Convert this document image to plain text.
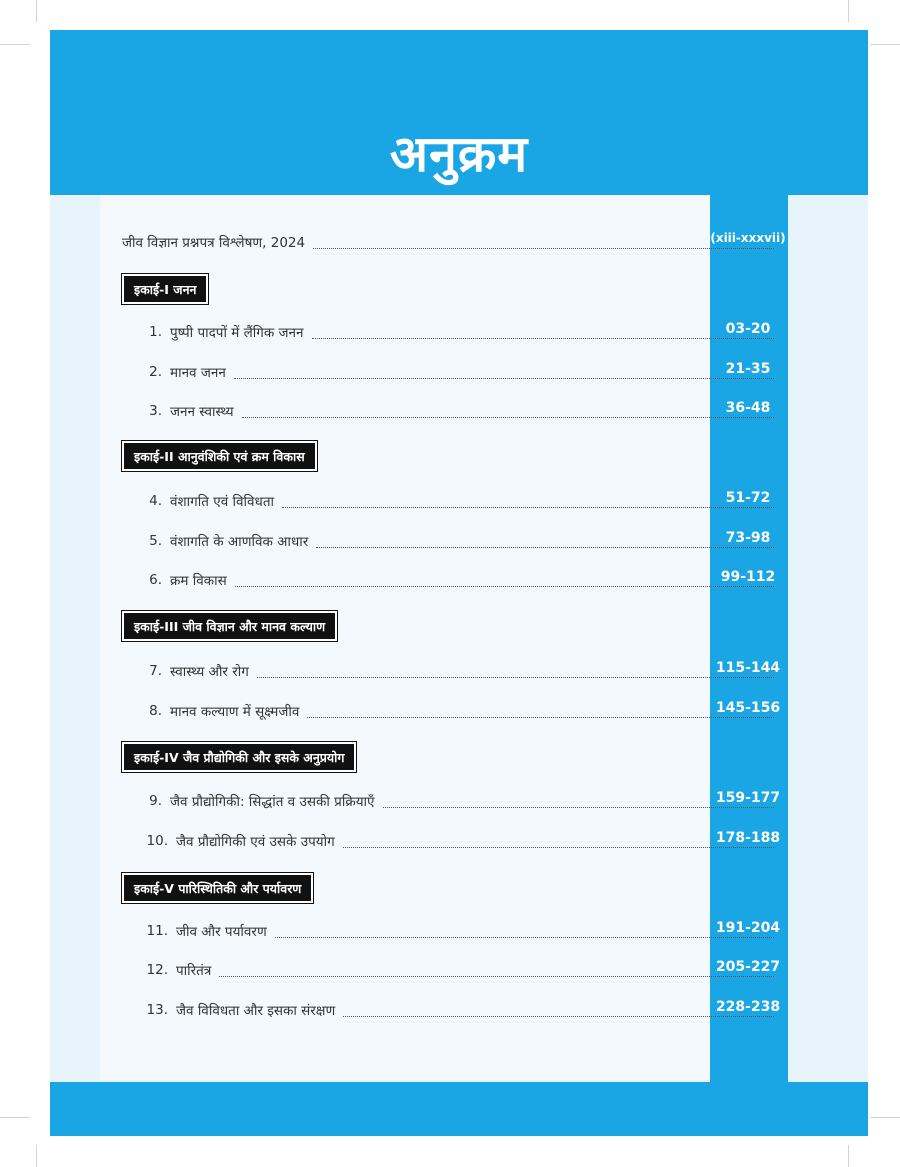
अनुक्रम
जीव विज्ञान प्रश्नपत्र विश्लेषण, 2024	(xiii-xxxvii)
इकाई-I जनन
1. पुष्पी पादपों में लैंगिक जनन	03-20
2. मानव जनन	21-35
3. जनन स्वास्थ्य	36-48
इकाई-II आनुवंशिकी एवं क्रम विकास
4. वंशागति एवं विविधता	51-72
5. वंशागति के आणविक आधार	73-98
6. क्रम विकास	99-112
इकाई-III जीव विज्ञान और मानव कल्याण
7. स्वास्थ्य और रोग	115-144
8. मानव कल्याण में सूक्ष्मजीव	145-156
इकाई-IV जैव प्रौद्योगिकी और इसके अनुप्रयोग
9. जैव प्रौद्योगिकी: सिद्धांत व उसकी प्रक्रियाएँ	159-177
10. जैव प्रौद्योगिकी एवं उसके उपयोग	178-188
इकाई-V पारिस्थितिकी और पर्यावरण
11. जीव और पर्यावरण	191-204
12. पारितंत्र	205-227
13. जैव विविधता और इसका संरक्षण	228-238
